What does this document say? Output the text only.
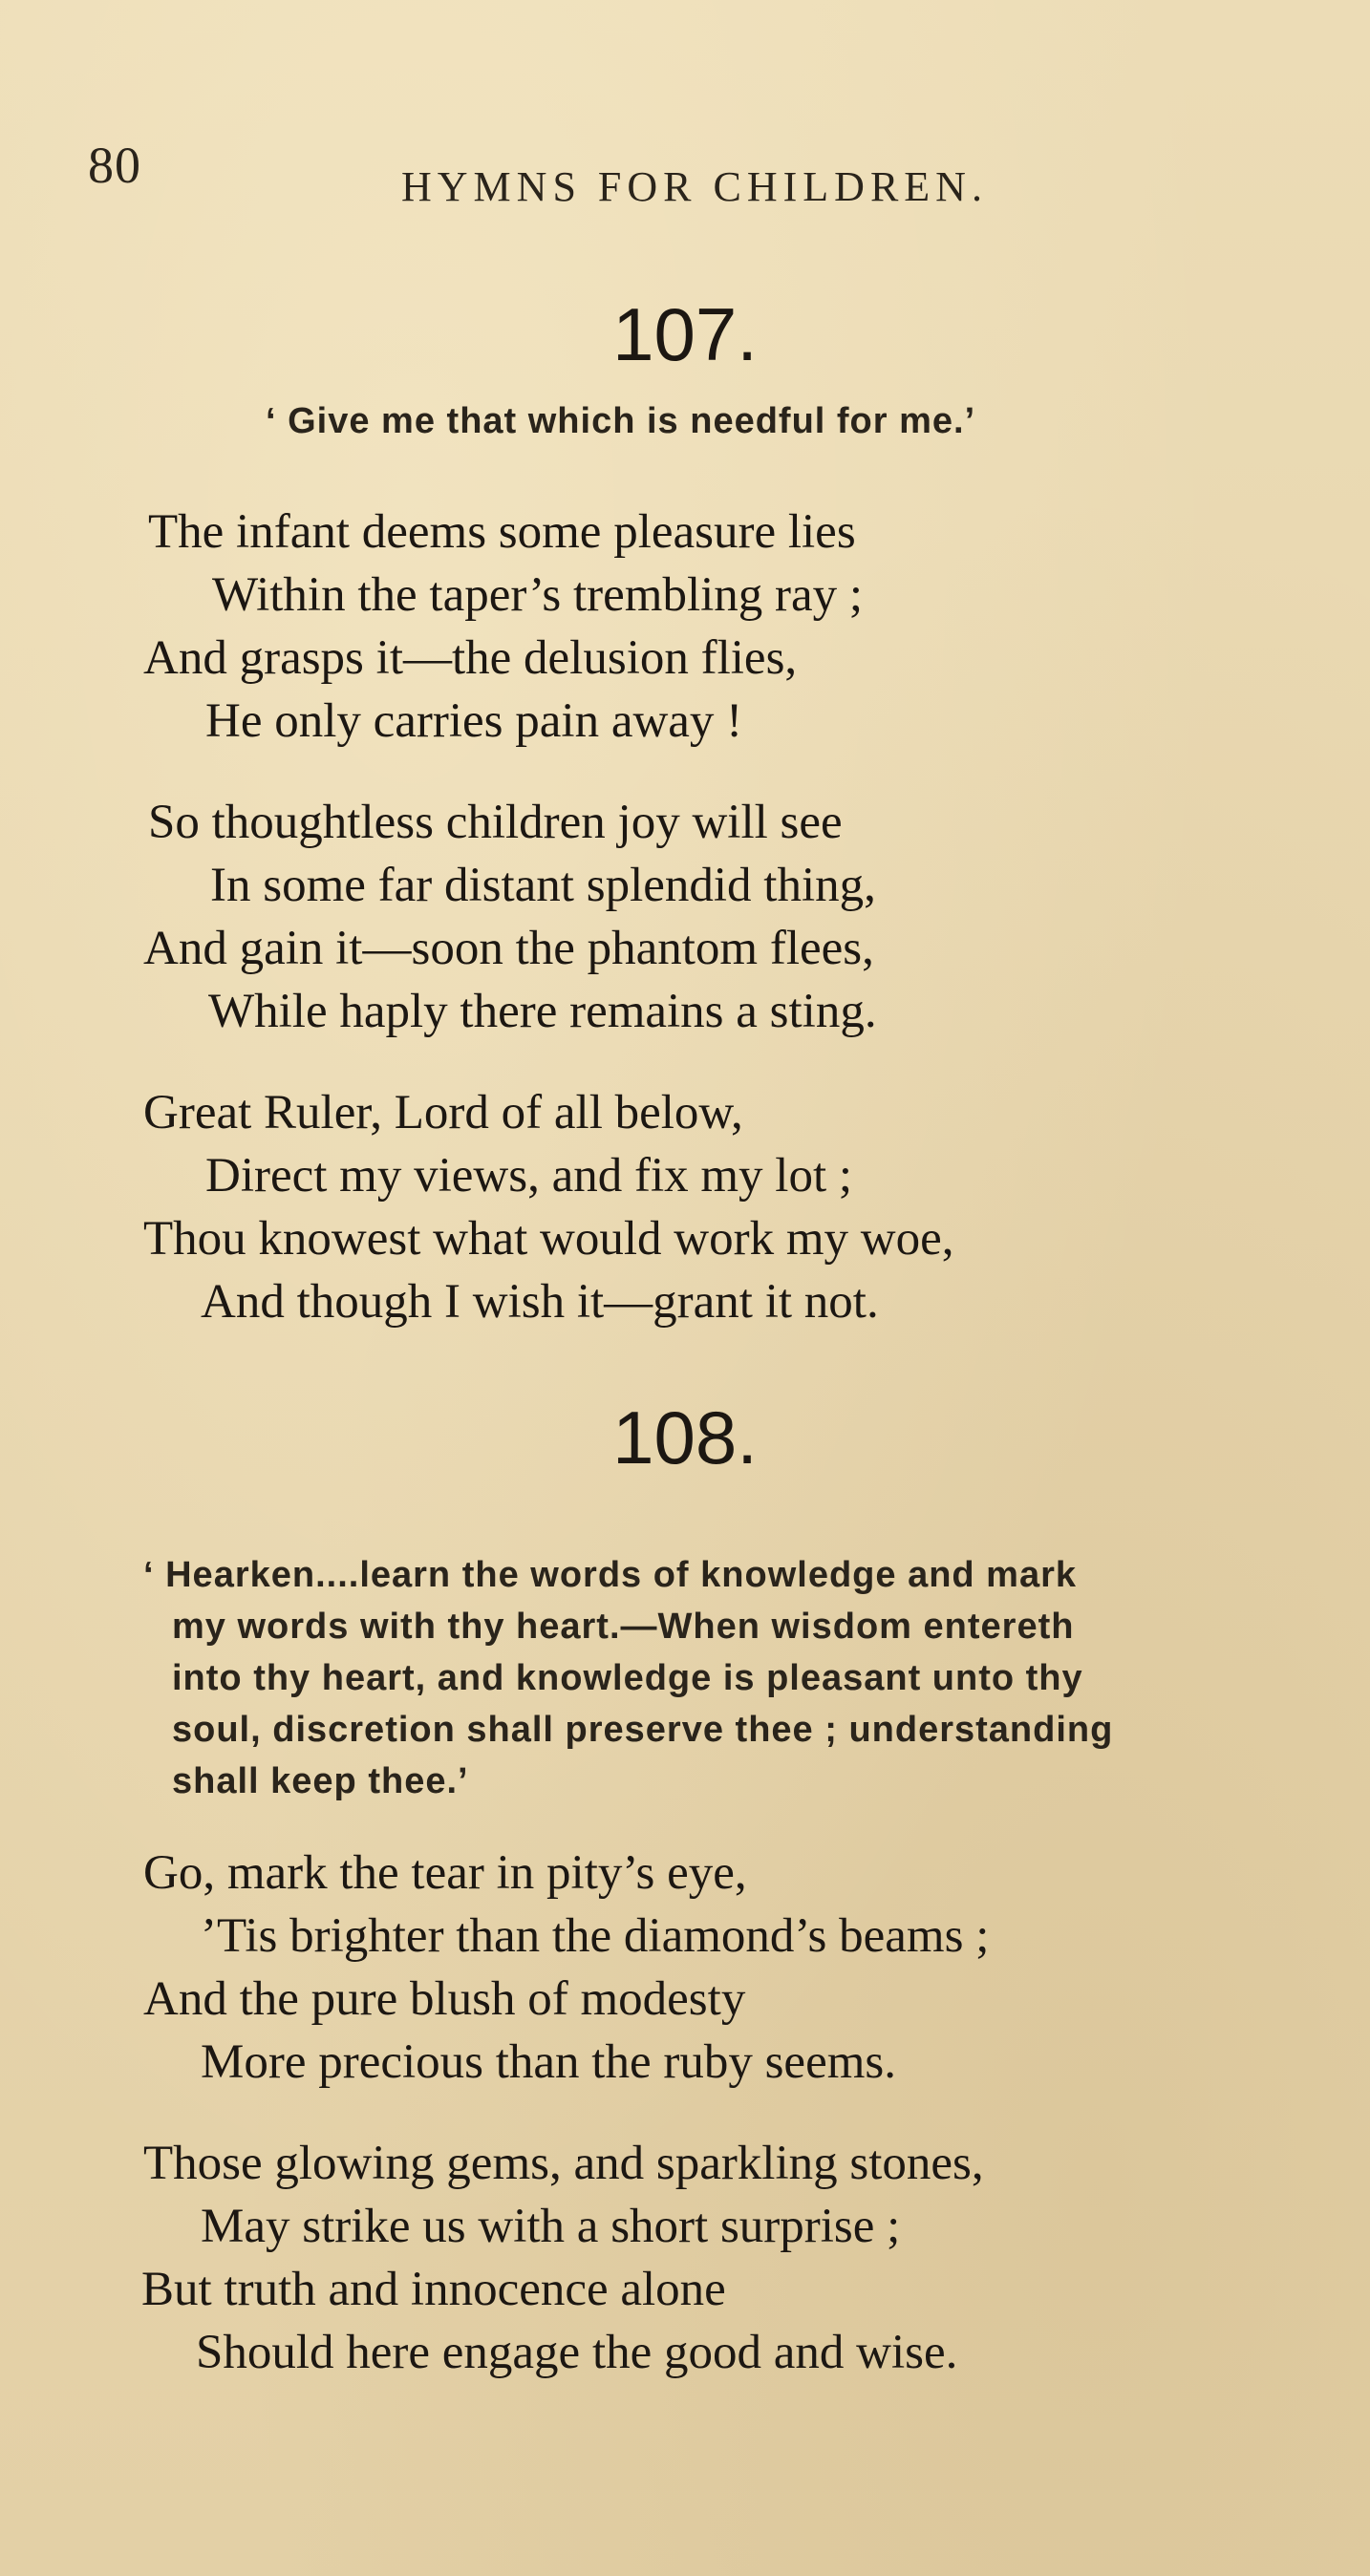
80	HYMNS FOR CHILDREN.
107.
‘ Give me that which is needful for me.’
The infant deems some pleasure lies
Within the taper’s trembling ray ;
And grasps it—the delusion flies,
He only carries pain away !
So thoughtless children joy will see
In some far distant splendid thing,
And gain it—soon the phantom flees,
While haply there remains a sting.
Great Ruler, Lord of all below,
Direct my views, and fix my lot ;
Thou knowest what would work my woe,
And though I wish it—grant it not.
108.
‘ Hearken....learn the words of knowledge and mark
my words with thy heart.—When wisdom entereth
into thy heart, and knowledge is pleasant unto thy
soul, discretion shall preserve thee ; understanding
shall keep thee.’
Go, mark the tear in pity’s eye,
’Tis brighter than the diamond’s beams ;
And the pure blush of modesty
More precious than the ruby seems.
Those glowing gems, and sparkling stones,
May strike us with a short surprise ;
But truth and innocence alone
Should here engage the good and wise.
